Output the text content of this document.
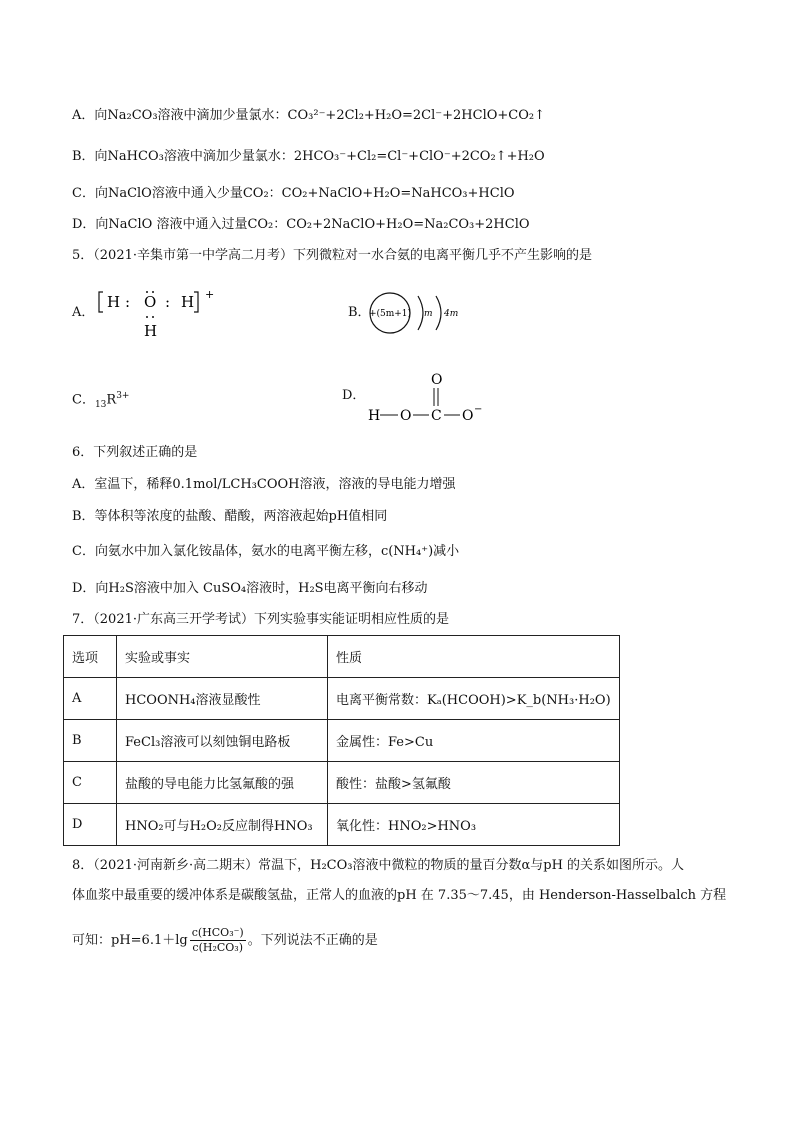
A．向Na₂CO₃溶液中滴加少量氯水：CO₃²⁻+2Cl₂+H₂O=2Cl⁻+2HClO+CO₂↑
B．向NaHCO₃溶液中滴加少量氯水：2HCO₃⁻+Cl₂=Cl⁻+ClO⁻+2CO₂↑+H₂O
C．向NaClO溶液中通入少量CO₂：CO₂+NaClO+H₂O=NaHCO₃+HClO
D．向NaClO 溶液中通入过量CO₂：CO₂+2NaClO+H₂O=Na₂CO₃+2HClO
5．（2021·辛集市第一中学高二月考）下列微粒对一水合氨的电离平衡几乎不产生影响的是
A．
H : O
H
: H +
B．
+(5m+1) m 4m
C．$_{13}R^{3+}$	D．
O
H O C O −
6．下列叙述正确的是
A．室温下，稀释0.1mol/LCH₃COOH溶液，溶液的导电能力增强
B．等体积等浓度的盐酸、醋酸，两溶液起始pH值相同
C．向氨水中加入氯化铵晶体，氨水的电离平衡左移，c(NH₄⁺)减小
D．向H₂S溶液中加入 CuSO₄溶液时，H₂S电离平衡向右移动
7．（2021·广东高三开学考试）下列实验事实能证明相应性质的是
选项	实验或事实	性质
A	HCOONH₄溶液显酸性	电离平衡常数：Kₐ(HCOOH)>K_b(NH₃·H₂O)
B	FeCl₃溶液可以刻蚀铜电路板	金属性：Fe>Cu
C	盐酸的导电能力比氢氟酸的强	酸性：盐酸>氢氟酸
D	HNO₂可与H₂O₂反应制得HNO₃	氧化性：HNO₂>HNO₃
8．（2021·河南新乡·高二期末）常温下，H₂CO₃溶液中微粒的物质的量百分数α与pH 的关系如图所示。人
体血浆中最重要的缓冲体系是碳酸氢盐，正常人的血液的pH 在 7.35～7.45，由 Henderson-Hasselbalch 方程
可知：$pH=6.1+\lg \frac{\text{c(HCO₃⁻)}}{\text{c(H₂CO₃)}}$ 。下列说法不正确的是
